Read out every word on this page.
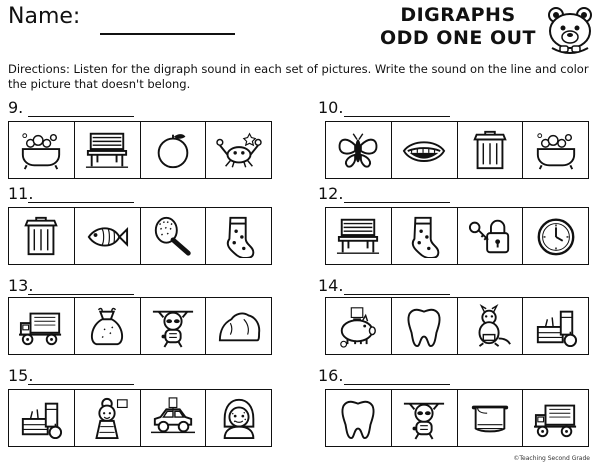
Name:	DIGRAPHS
ODD ONE OUT
Directions: Listen for the digraph sound in each set of pictures. Write the sound on the line and color the picture that doesn't belong.
9.	10.
11.	12.
13.	14.
15.	16.
©Teaching Second Grade
